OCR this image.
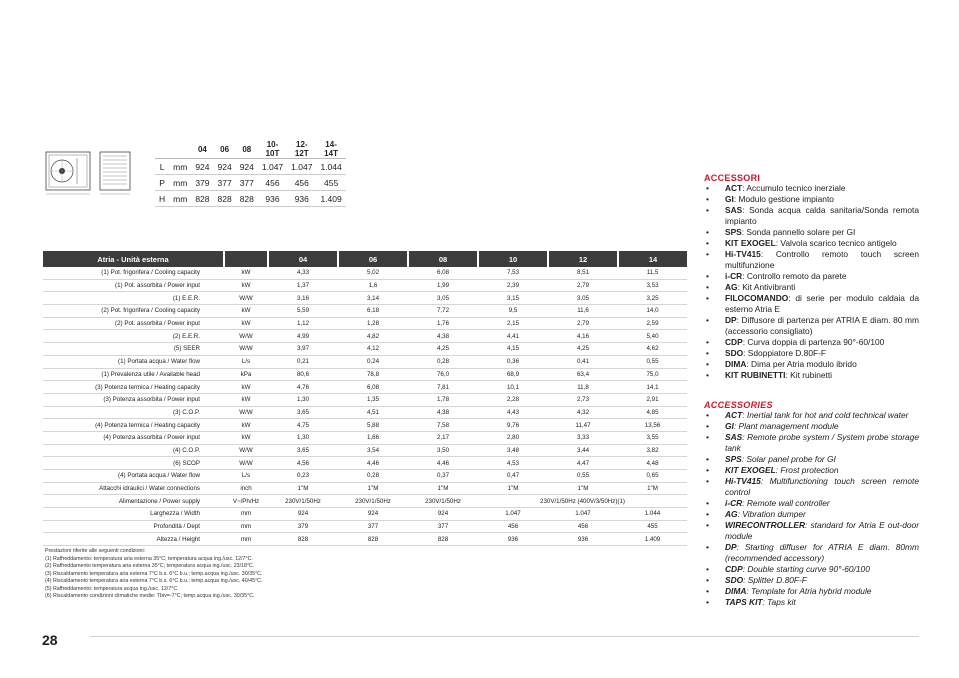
		04	06	08	10-10T	12-12T	14-14T
L	mm	924	924	924	1.047	1.047	1.044
P	mm	379	377	377	456	456	455
H	mm	828	828	828	936	936	1.409
Atria - Unità esterna		04	06	08	10	12	14
(1) Pot. frigorifera / Cooling capacity	kW	4,33	5,02	6,08	7,53	8,51	11,5
(1) Pot. assorbita / Power input	kW	1,37	1,6	1,99	2,39	2,79	3,53
(1) E.E.R.	W/W	3,16	3,14	3,05	3,15	3,05	3,25
(2) Pot. frigorifera / Cooling capacity	kW	5,59	6,18	7,72	9,5	11,6	14,0
(2) Pot. assorbita / Power input	kW	1,12	1,28	1,76	2,15	2,79	2,59
(2) E.E.R.	W/W	4,99	4,82	4,38	4,41	4,16	5,40
(5) SEER	W/W	3,97	4,12	4,25	4,15	4,25	4,62
(1) Portata acqua / Water flow	L/s	0,21	0,24	0,28	0,36	0,41	0,55
(1) Prevalenza utile / Available head	kPa	80,6	78,8	76,0	68,9	63,4	75,0
(3) Potenza termica / Heating capacity	kW	4,76	6,08	7,81	10,1	11,8	14,1
(3) Potenza assorbita / Power input	kW	1,30	1,35	1,78	2,28	2,73	2,91
(3) C.O.P.	W/W	3,65	4,51	4,38	4,43	4,32	4,85
(4) Potenza termica / Heating capacity	kW	4,75	5,88	7,58	9,76	11,47	13,56
(4) Potenza assorbita / Power input	kW	1,30	1,66	2,17	2,80	3,33	3,55
(4) C.O.P.	W/W	3,65	3,54	3,50	3,48	3,44	3,82
(6) SCOP	W/W	4,56	4,46	4,46	4,53	4,47	4,48
(4) Portata acqua / Water flow	L/s	0,23	0,28	0,37	0,47	0,55	0,65
Attacchi idraulici / Water connections	inch	1"M	1"M	1"M	1"M	1"M	1"M
Alimentazione / Power supply	V~/Ph/Hz	230V/1/50Hz	230V/1/50Hz	230V/1/50Hz	230V/1/50Hz (400V/3/50Hz)(1)		
Larghezza / Width	mm	924	924	924	1.047	1.047	1.044
Profondità / Dept	mm	379	377	377	456	456	455
Altezza / Height	mm	828	828	828	936	936	1.409
Prestazioni riferite alle seguenti condizioni:
(1) Raffreddamento: temperatura aria esterna 35°C; temperatura acqua ing./usc. 12/7°C.
(2) Raffreddamento temperatura aria esterna 35°C; temperatura acqua ing./usc. 23/18°C.
(3) Riscaldamento temperatura aria esterna 7°C b.s. 6°C b.u.; temp.acqua ing./usc. 30/35°C.
(4) Riscaldamento temperatura aria esterna 7°C b.s. 6°C b.u.; temp.acqua ing./usc. 40/45°C.
(5) Raffreddamento: temperatura acqua ing./usc. 12/7°C.
(6) Riscaldamento condizioni climatiche medie: Tbiv=-7°C; temp.acqua ing./usc. 30/35°C.
ACCESSORI
• ACT: Accumulo tecnico inerziale
• GI: Modulo gestione impianto
• SAS: Sonda acqua calda sanitaria/Sonda remota impianto
• SPS: Sonda pannello solare per GI
• KIT EXOGEL: Valvola scarico tecnico antigelo
• Hi-TV415: Controllo remoto touch screen multifunzione
• i-CR: Controllo remoto da parete
• AG: Kit Antivibranti
• FILOCOMANDO: di serie per modulo caldaia da esterno Atria E
• DP: Diffusore di partenza per ATRIA E diam. 80 mm (accessorio consigliato)
• CDP: Curva doppia di partenza 90°-60/100
• SDO: Sdoppiatore D.80F-F
• DIMA: Dima per Atria modulo ibrido
• KIT RUBINETTI: Kit rubinetti
ACCESSORIES
• ACT: Inertial tank for hot and cold technical water
• GI: Plant management module
• SAS: Remote probe system / System probe storage tank
• SPS: Solar panel probe for GI
• KIT EXOGEL: Frost protection
• Hi-TV415: Multifunctioning touch screen remote control
• i-CR: Remote wall controller
• AG: Vibration dumper
• WIRECONTROLLER: standard for Atria E out-door module
• DP: Starting diffuser for ATRIA E diam. 80mm (recommended accessory)
• CDP: Double starting curve 90°-60/100
• SDO: Splitter D.80F-F
• DIMA: Template for Atria hybrid module
• TAPS KIT: Taps kit
28
